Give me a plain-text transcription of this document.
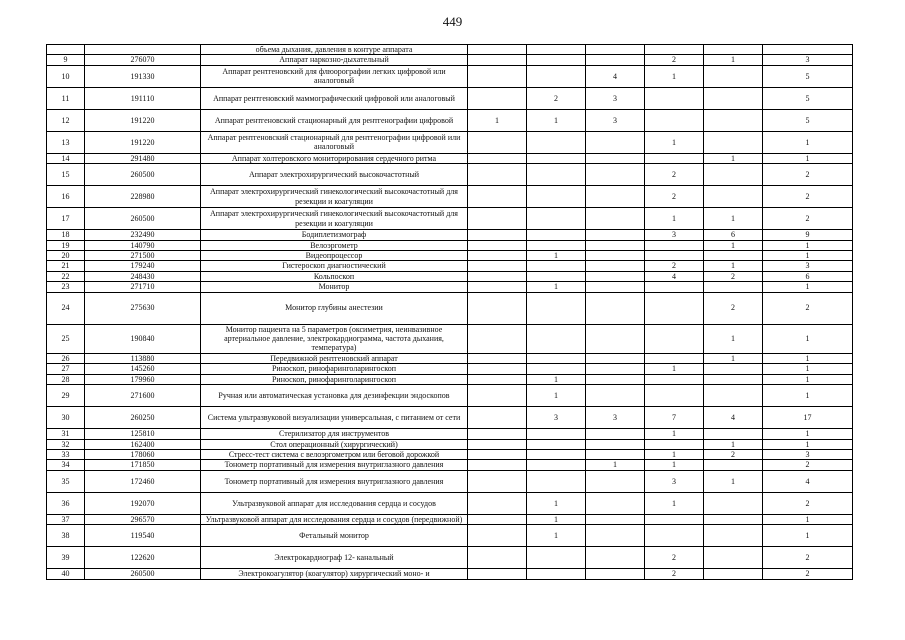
449
		объема дыхания, давления в контуре аппарата						
9	276070	Аппарат наркозно-дыхательный				2	1	3
10	191330	Аппарат рентгеновский для флюорографии легких цифровой или аналоговый			4	1		5
11	191110	Аппарат рентгеновский маммографический цифровой или аналоговый		2	3			5
12	191220	Аппарат рентгеновский стационарный для рентгенографии цифровой	1	1	3			5
13	191220	Аппарат рентгеновский стационарный для рентгенографии цифровой или аналоговый				1		1
14	291480	Аппарат холтеровского мониторирования сердечного ритма					1	1
15	260500	Аппарат электрохирургический высокочастотный				2		2
16	228980	Аппарат электрохирургический гинекологический высокочастотный для резекции и коагуляции				2		2
17	260500	Аппарат электрохирургический гинекологический высокочастотный для резекции и коагуляции				1	1	2
18	232490	Бодиплетизмограф				3	6	9
19	140790	Велоэргометр					1	1
20	271500	Видеопроцессор		1				1
21	179240	Гистероскоп диагностический				2	1	3
22	248430	Кольпоскоп				4	2	6
23	271710	Монитор		1				1
24	275630	Монитор глубины анестезии					2	2
25	190840	Монитор пациента на 5 параметров (оксиметрия, неинвазивное артериальное давление, электрокардиограмма, частота дыхания, температура)					1	1
26	113880	Передвижной рентгеновский аппарат					1	1
27	145260	Риноскоп, ринофаринголарингоскоп				1		1
28	179960	Риноскоп, ринофаринголарингоскоп		1				1
29	271600	Ручная или автоматическая установка для дезинфекции эндоскопов		1				1
30	260250	Система ультразвуковой визуализации универсальная, с питанием от сети		3	3	7	4	17
31	125810	Стерилизатор для инструментов				1		1
32	162400	Стол операционный (хирургический)					1	1
33	178060	Стресс-тест система с велоэргометром или беговой дорожкой				1	2	3
34	171850	Тонометр портативный для измерения внутриглазного давления			1	1		2
35	172460	Тонометр портативный для измерения внутриглазного давления				3	1	4
36	192070	Ультразвуковой аппарат для исследования сердца и сосудов		1		1		2
37	296570	Ультразвуковой аппарат для исследования сердца и сосудов (передвижной)		1				1
38	119540	Фетальный монитор		1				1
39	122620	Электрокардиограф 12- канальный				2		2
40	260500	Электрокоагулятор (коагулятор) хирургический моно- и				2		2
